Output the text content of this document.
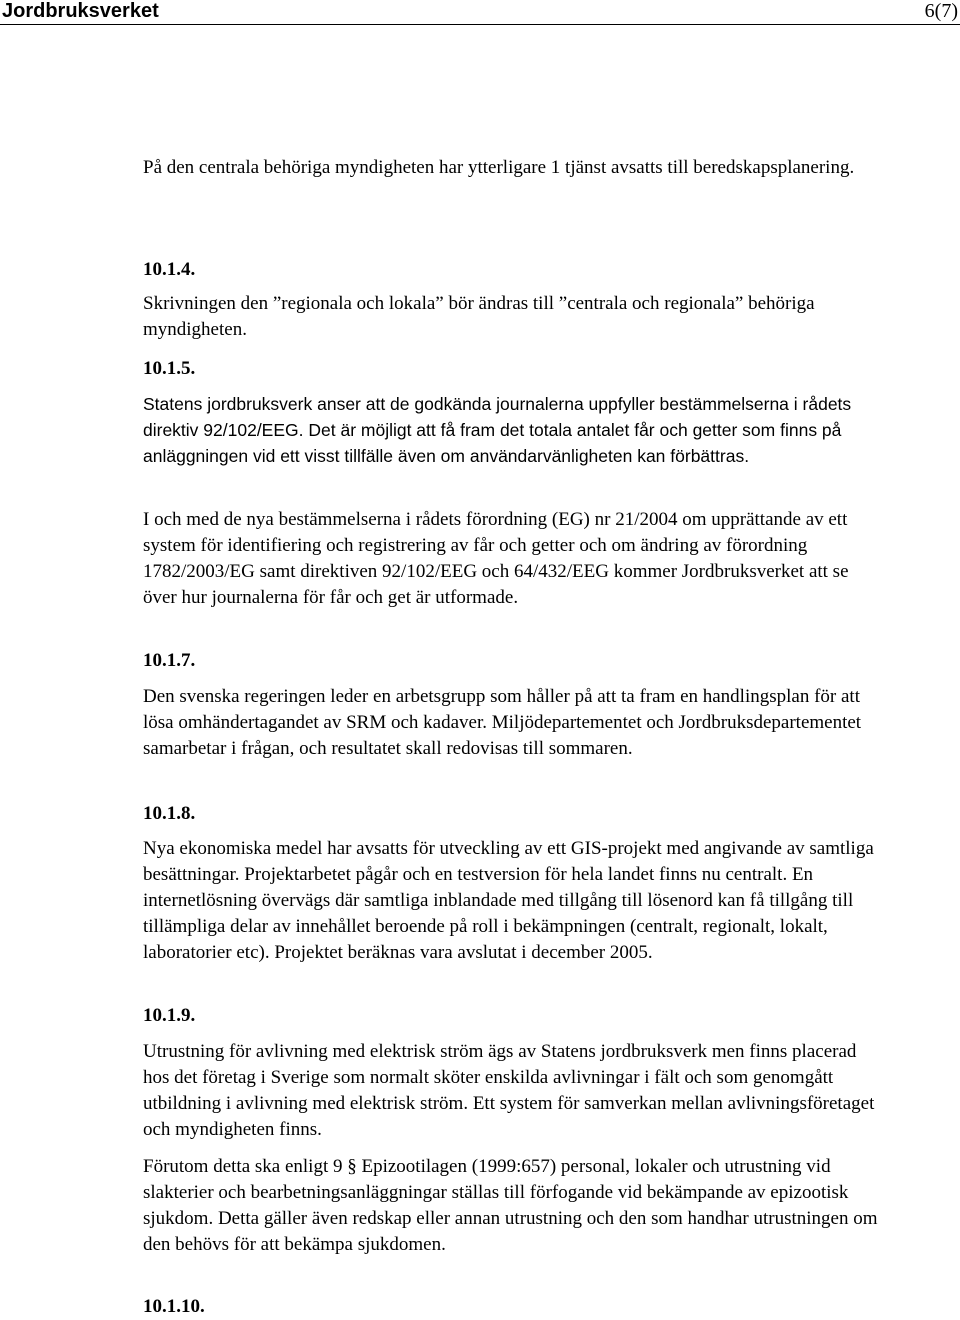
Jordbruksverket	6(7)

På den centrala behöriga myndigheten har ytterligare 1 tjänst avsatts till beredskapsplanering.

10.1.4.

Skrivningen den ”regionala och lokala” bör ändras till ”centrala och regionala” behöriga myndigheten.

10.1.5.

Statens jordbruksverk anser att de godkända journalerna uppfyller bestämmelserna i rådets direktiv 92/102/EEG. Det är möjligt att få fram det totala antalet får och getter som finns på anläggningen vid ett visst tillfälle även om användarvänligheten kan förbättras.

I och med de nya bestämmelserna i rådets förordning (EG) nr 21/2004 om upprättande av ett system för identifiering och registrering av får och getter och om ändring av förordning 1782/2003/EG samt direktiven 92/102/EEG och 64/432/EEG kommer Jordbruksverket att se över hur journalerna för får och get är utformade.

10.1.7.

Den svenska regeringen leder en arbetsgrupp som håller på att ta fram en handlingsplan för att lösa omhändertagandet av SRM och kadaver. Miljödepartementet och Jordbruksdepartementet samarbetar i frågan, och resultatet skall redovisas till sommaren.

10.1.8.

Nya ekonomiska medel har avsatts för utveckling av ett GIS-projekt med angivande av samtliga besättningar. Projektarbetet pågår och en testversion för hela landet finns nu centralt. En internetlösning övervägs där samtliga inblandade med tillgång till lösenord kan få tillgång till tillämpliga delar av innehållet beroende på roll i bekämpningen (centralt, regionalt, lokalt, laboratorier etc). Projektet beräknas vara avslutat i december 2005.

10.1.9.

Utrustning för avlivning med elektrisk ström ägs av Statens jordbruksverk men finns placerad hos det företag i Sverige som normalt sköter enskilda avlivningar i fält och som genomgått utbildning i avlivning med elektrisk ström. Ett system för samverkan mellan avlivningsföretaget och myndigheten finns.

Förutom detta ska enligt 9 § Epizootilagen (1999:657) personal, lokaler och utrustning vid slakterier och bearbetningsanläggningar ställas till förfogande vid bekämpande av epizootisk sjukdom. Detta gäller även redskap eller annan utrustning och den som handhar utrustningen om den behövs för att bekämpa sjukdomen.

10.1.10.
